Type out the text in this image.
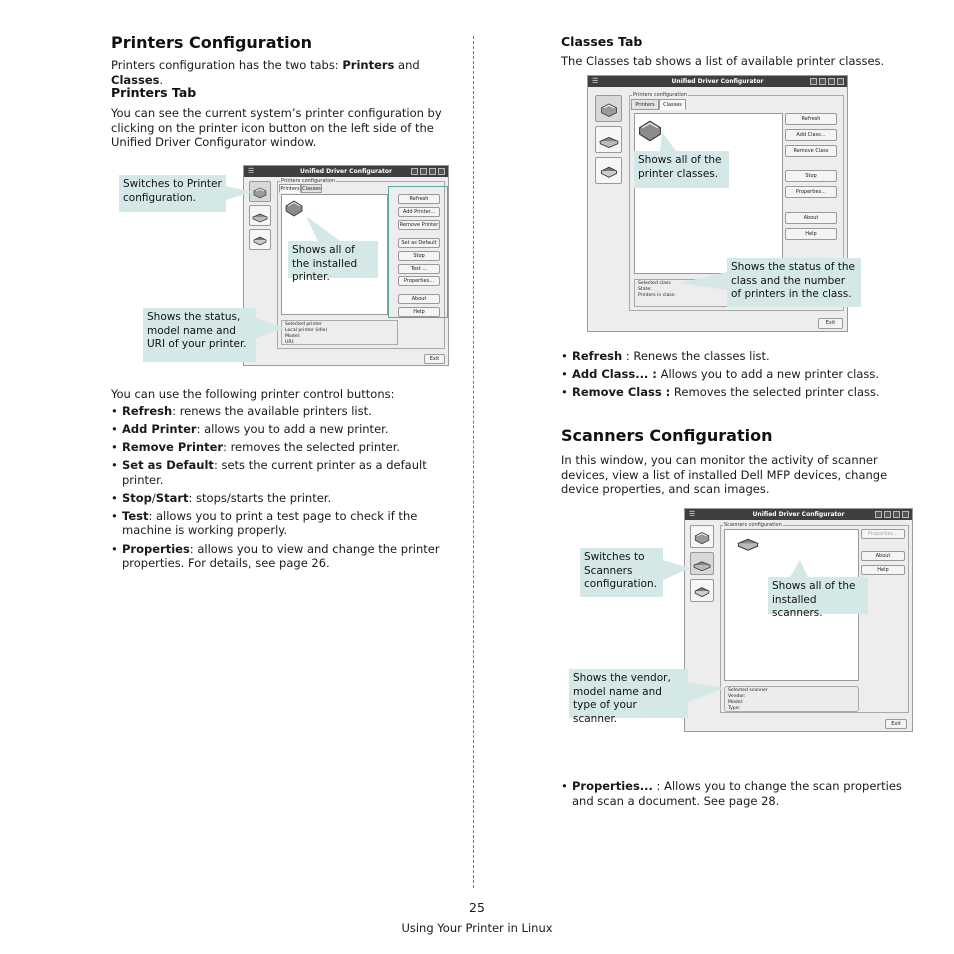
Printers Configuration

Printers configuration has the two tabs: Printers and Classes.

Printers Tab

You can see the current system’s printer configuration by clicking on the printer icon button on the left side of the Unified Driver Configurator window.

☰	Unified Driver Configurator
Printers configuration
Printers Classes
Refresh
Add Printer...
Remove Printer
Set as Default
Stop
Test ...
Properties...
About
Help
Selected printer
Local printer (idle)
Model:
URI:
Exit
Switches to Printer configuration.
Shows all of the installed printer.
Shows the status, model name and URI of your printer.

You can use the following printer control buttons:

• Refresh: renews the available printers list.
• Add Printer: allows you to add a new printer.
• Remove Printer: removes the selected printer.
• Set as Default: sets the current printer as a default printer.
• Stop/Start: stops/starts the printer.
• Test: allows you to print a test page to check if the machine is working properly.
• Properties: allows you to view and change the printer properties. For details, see page 26.
Classes Tab

The Classes tab shows a list of available printer classes.

☰	Unified Driver Configurator
Printers configuration
Printers	Classes
Refresh
Add Class...
Remove Class
Stop
Properties...
About
Help
Selected class
State:
Printers in class:
Exit
Shows all of the printer classes.
Shows the status of the class and the number of printers in the class.
• Refresh : Renews the classes list.
• Add Class... : Allows you to add a new printer class.
• Remove Class : Removes the selected printer class.
Scanners Configuration

In this window, you can monitor the activity of scanner devices, view a list of installed Dell MFP devices, change device properties, and scan images.

☰	Unified Driver Configurator
Scanners configuration
Properties...
About
Help
Selected scanner
Vendor:
Model:
Type:
Exit
Switches to Scanners configuration.	Shows all of the installed scanners.
Shows the vendor, model name and type of your scanner.
• Properties... : Allows you to change the scan properties and scan a document. See page 28.
25
Using Your Printer in Linux
